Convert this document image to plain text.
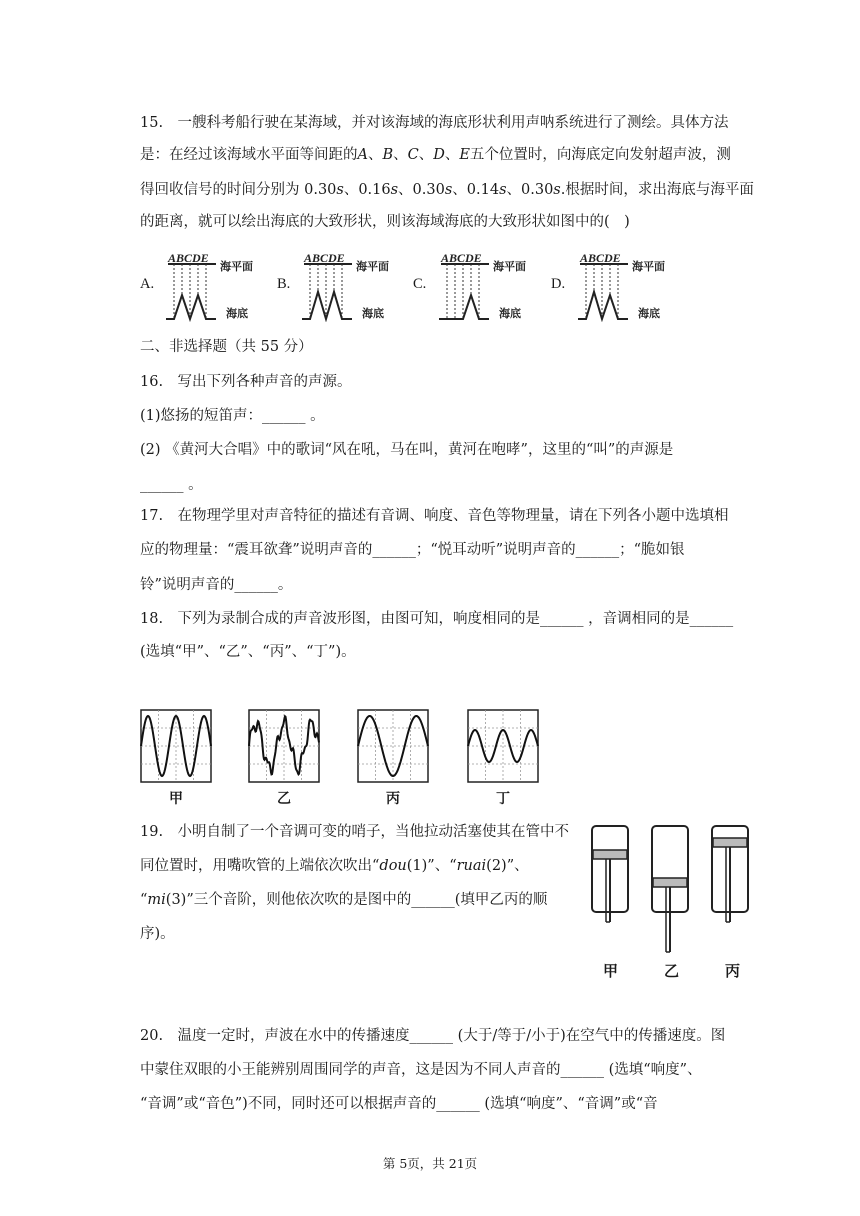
15.　一艘科考船行驶在某海域，并对该海域的海底形状利用声呐系统进行了测绘。具体方法
是：在经过该海域水平面等间距的𝐴、𝐵、𝐶、𝐷、𝐸五个位置时，向海底定向发射超声波，测
得回收信号的时间分别为 0.30𝑠、0.16𝑠、0.30𝑠、0.14𝑠、0.30𝑠.根据时间，求出海底与海平面
的距离，就可以绘出海底的大致形状，则该海域海底的大致形状如图中的(　)
A.	B.	C.	D.
ABCDE
海平面
海底
ABCDE
海平面
海底
ABCDE
海平面
海底
ABCDE
海平面
海底
二、非选择题（共 55 分）
16.　写出下列各种声音的声源。
(1)悠扬的短笛声：______ 。
(2) 《黄河大合唱》中的歌词“风在吼，马在叫，黄河在咆哮”，这里的“叫”的声源是
______ 。
17.　在物理学里对声音特征的描述有音调、响度、音色等物理量，请在下列各小题中选填相
应的物理量：“震耳欲聋”说明声音的______；“悦耳动听”说明声音的______；“脆如银
铃”说明声音的______。
18.　下列为录制合成的声音波形图，由图可知，响度相同的是______ ，音调相同的是______
(选填“甲”、“乙”、“丙”、“丁”)。
甲	乙	丙	丁
19.　小明自制了一个音调可变的哨子，当他拉动活塞使其在管中不
同位置时，用嘴吹管的上端依次吹出“𝑑𝑜𝑢(1)”、“𝑟𝑢𝑎𝑖(2)”、
“𝑚𝑖(3)”三个音阶，则他依次吹的是图中的______(填甲乙丙的顺
序)。
甲	乙	丙
20.　温度一定时，声波在水中的传播速度______ (大于/等于/小于)在空气中的传播速度。图
中蒙住双眼的小王能辨别周围同学的声音，这是因为不同人声音的______ (选填“响度”、
“音调”或“音色”)不同，同时还可以根据声音的______ (选填“响度”、“音调”或“音
第 5页，共 21页
